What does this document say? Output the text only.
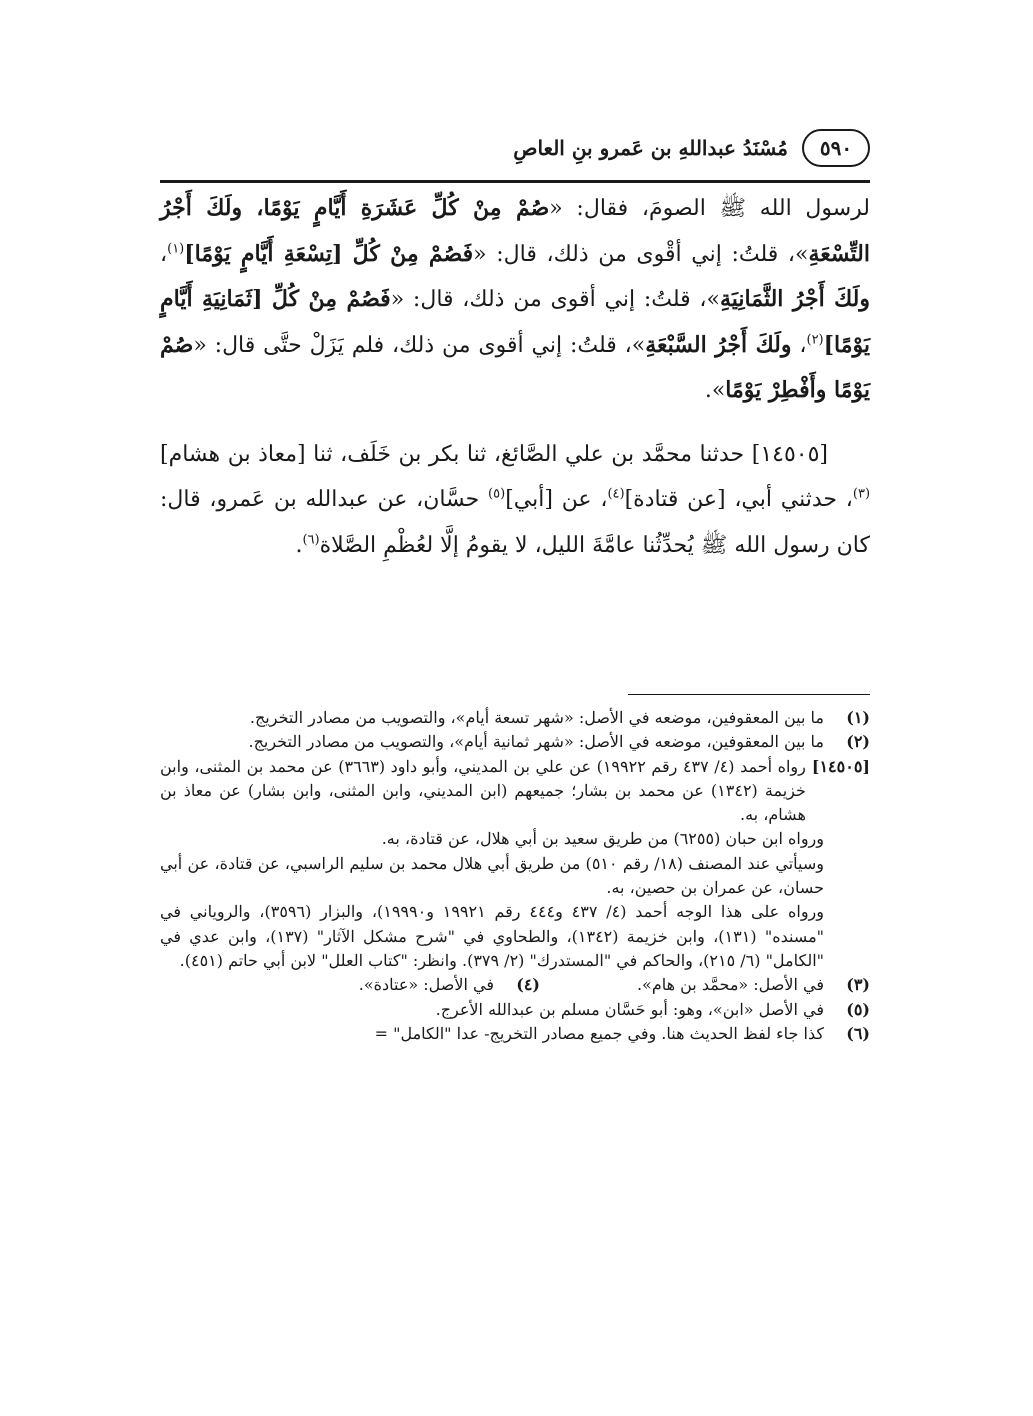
٥٩٠
مُسْنَدُ عبداللهِ بن عَمرو بنِ العاصِ

لرسول الله ﷺ الصومَ، فقال: «صُمْ مِنْ كُلِّ عَشَرَةِ أَيَّامٍ يَوْمًا، ولَكَ أَجْرُ التِّسْعَةِ»، قلتُ: إني أقْوى من ذلك، قال: «فَصُمْ مِنْ كُلِّ [تِسْعَةِ أَيَّامٍ يَوْمًا]$^{(١)}$، ولَكَ أَجْرُ الثَّمَانِيَةِ»، قلتُ: إني أقوى من ذلك، قال: «فَصُمْ مِنْ كُلِّ [ثَمَانِيَةِ أَيَّامٍ يَوْمًا]$^{(٢)}$، ولَكَ أَجْرُ السَّبْعَةِ»، قلتُ: إني أقوى من ذلك، فلم يَزَلْ حتَّى قال: «صُمْ يَوْمًا وأَفْطِرْ يَوْمًا».

[١٤٥٠٥] حدثنا محمَّد بن علي الصَّائغ، ثنا بكر بن خَلَف، ثنا [معاذ بن هشام]$^{(٣)}$، حدثني أبي، [عن قتادة]$^{(٤)}$، عن [أبي]$^{(٥)}$ حسَّان، عن عبدالله بن عَمرو، قال: كان رسول الله ﷺ يُحدِّثُنا عامَّةَ الليل، لا يقومُ إلَّا لعُظْمِ الصَّلاة$^{(٦)}$.

(١)
ما بين المعقوفين، موضعه في الأصل: «شهر تسعة أيام»، والتصويب من مصادر التخريج.
(٢)
ما بين المعقوفين، موضعه في الأصل: «شهر ثمانية أيام»، والتصويب من مصادر التخريج.
[١٤٥٠٥]
رواه أحمد (٤/ ٤٣٧ رقم ١٩٩٢٢) عن علي بن المديني، وأبو داود (٣٦٦٣) عن محمد بن المثنى، وابن خزيمة (١٣٤٢) عن محمد بن بشار؛ جميعهم (ابن المديني، وابن المثنى، وابن بشار) عن معاذ بن هشام، به.
ورواه ابن حبان (٦٢٥٥) من طريق سعيد بن أبي هلال، عن قتادة، به.
وسيأتي عند المصنف (١٨/ رقم ٥١٠) من طريق أبي هلال محمد بن سليم الراسبي، عن قتادة، عن أبي حسان، عن عمران بن حصين، به.
ورواه على هذا الوجه أحمد (٤/ ٤٣٧ و٤٤٤ رقم ١٩٩٢١ و١٩٩٩٠)، والبزار (٣٥٩٦)، والروياني في "مسنده" (١٣١)، وابن خزيمة (١٣٤٢)، والطحاوي في "شرح مشكل الآثار" (١٣٧)، وابن عدي في "الكامل" (٦/ ٢١٥)، والحاكم في "المستدرك" (٢/ ٣٧٩). وانظر: "كتاب العلل" لابن أبي حاتم (٤٥١).
(٣)
في الأصل: «محمَّد بن هام».
(٤)
في الأصل: «عتادة».
(٥)
في الأصل «ابن»، وهو: أبو حَسَّان مسلم بن عبدالله الأعرج.
(٦)
كذا جاء لفظ الحديث هنا. وفي جميع مصادر التخريج- عدا "الكامل" =
